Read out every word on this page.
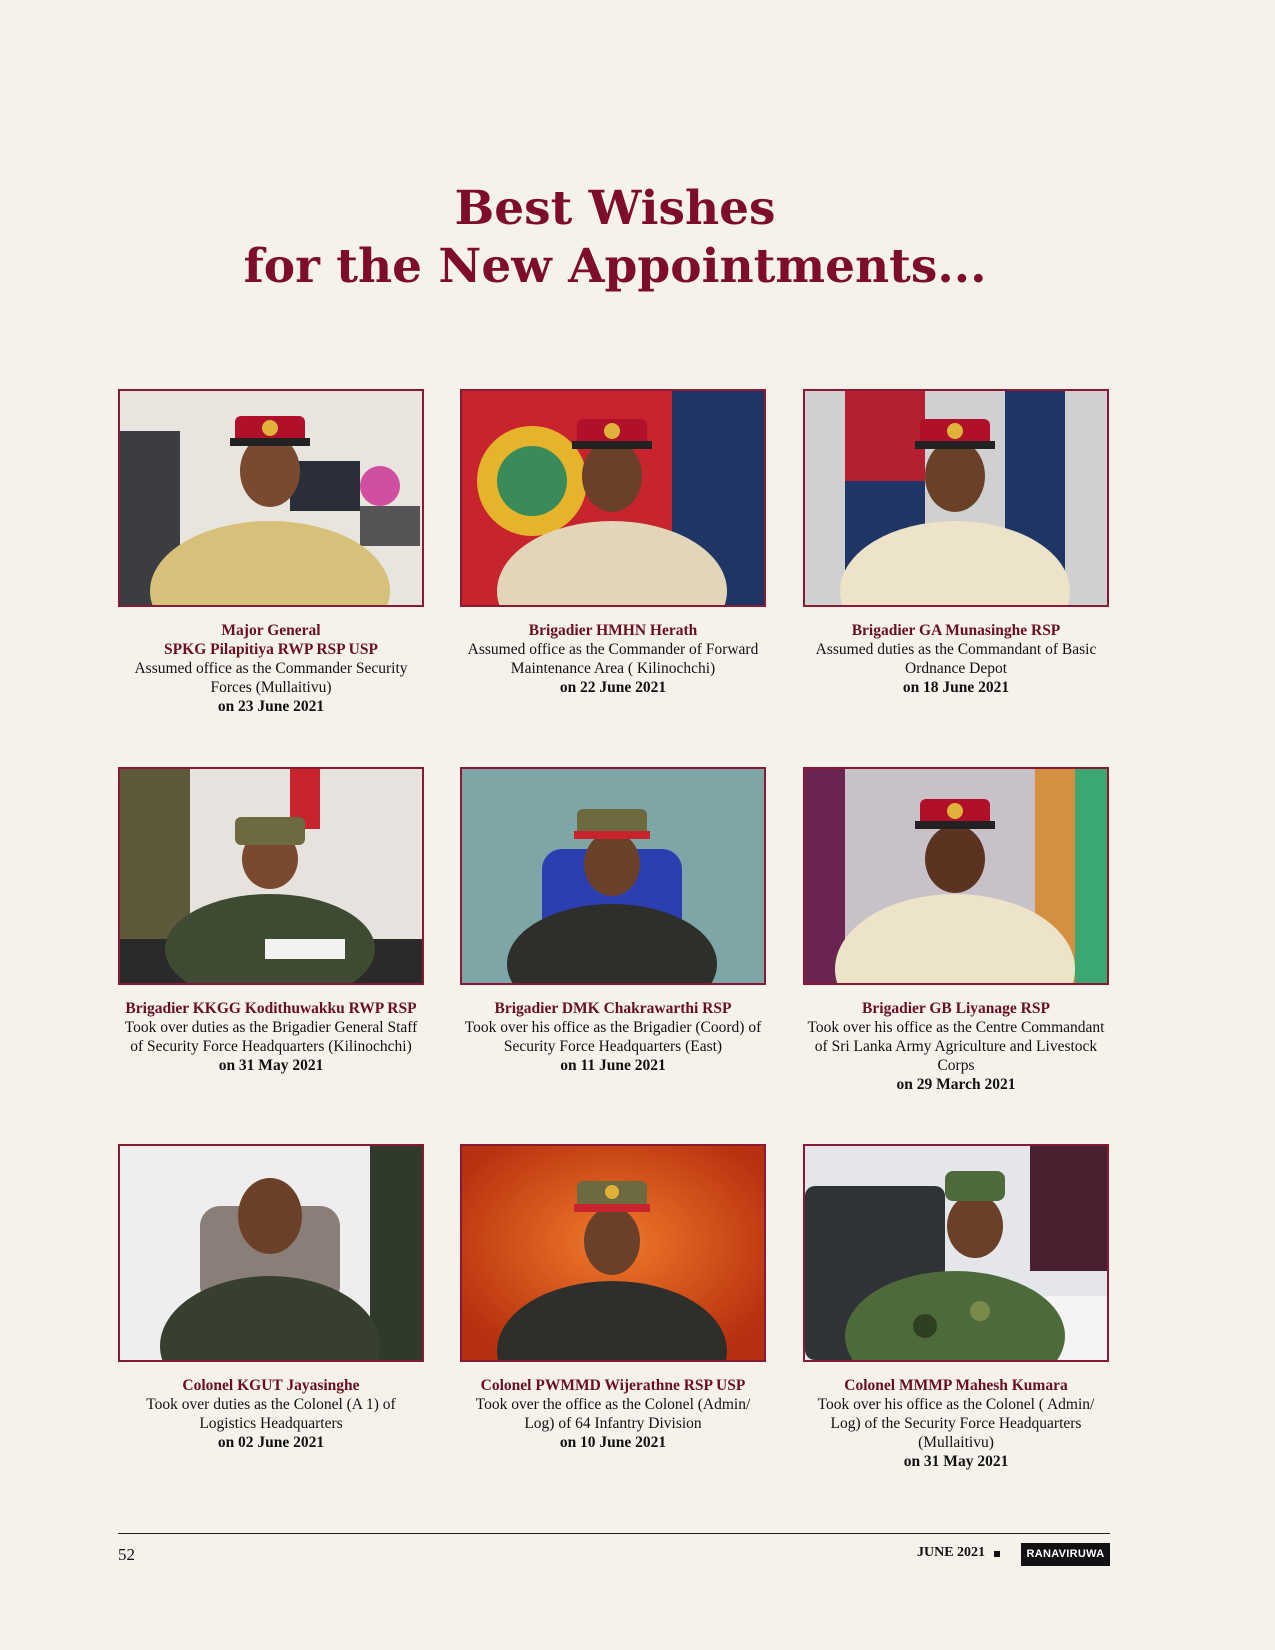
Best Wishes
for the New Appointments...
Major General
SPKG Pilapitiya RWP RSP USP
Assumed office as the Commander Security Forces (Mullaitivu)
on 23 June 2021
Brigadier HMHN Herath
Assumed office as the Commander of Forward Maintenance Area ( Kilinochchi)
on 22 June 2021
Brigadier GA Munasinghe RSP
Assumed duties as the Commandant of Basic Ordnance Depot
on 18 June 2021
Brigadier KKGG Kodithuwakku RWP RSP
Took over duties as the Brigadier General Staff of Security Force Headquarters (Kilinochchi)
on 31 May 2021
Brigadier DMK Chakrawarthi RSP
Took over his office as the Brigadier (Coord) of Security Force Headquarters (East)
on 11 June 2021
Brigadier GB Liyanage RSP
Took over his office as the Centre Commandant of Sri Lanka Army Agriculture and Livestock Corps
on 29 March 2021
Colonel KGUT Jayasinghe
Took over duties as the Colonel (A 1) of Logistics Headquarters
on 02 June 2021
Colonel PWMMD Wijerathne RSP USP
Took over the office as the Colonel (Admin/ Log) of 64 Infantry Division
on 10 June 2021
Colonel MMMP Mahesh Kumara
Took over his office as the Colonel ( Admin/ Log) of the Security Force Headquarters (Mullaitivu)
on 31 May 2021
52	JUNE 2021	RANAVIRUWA
